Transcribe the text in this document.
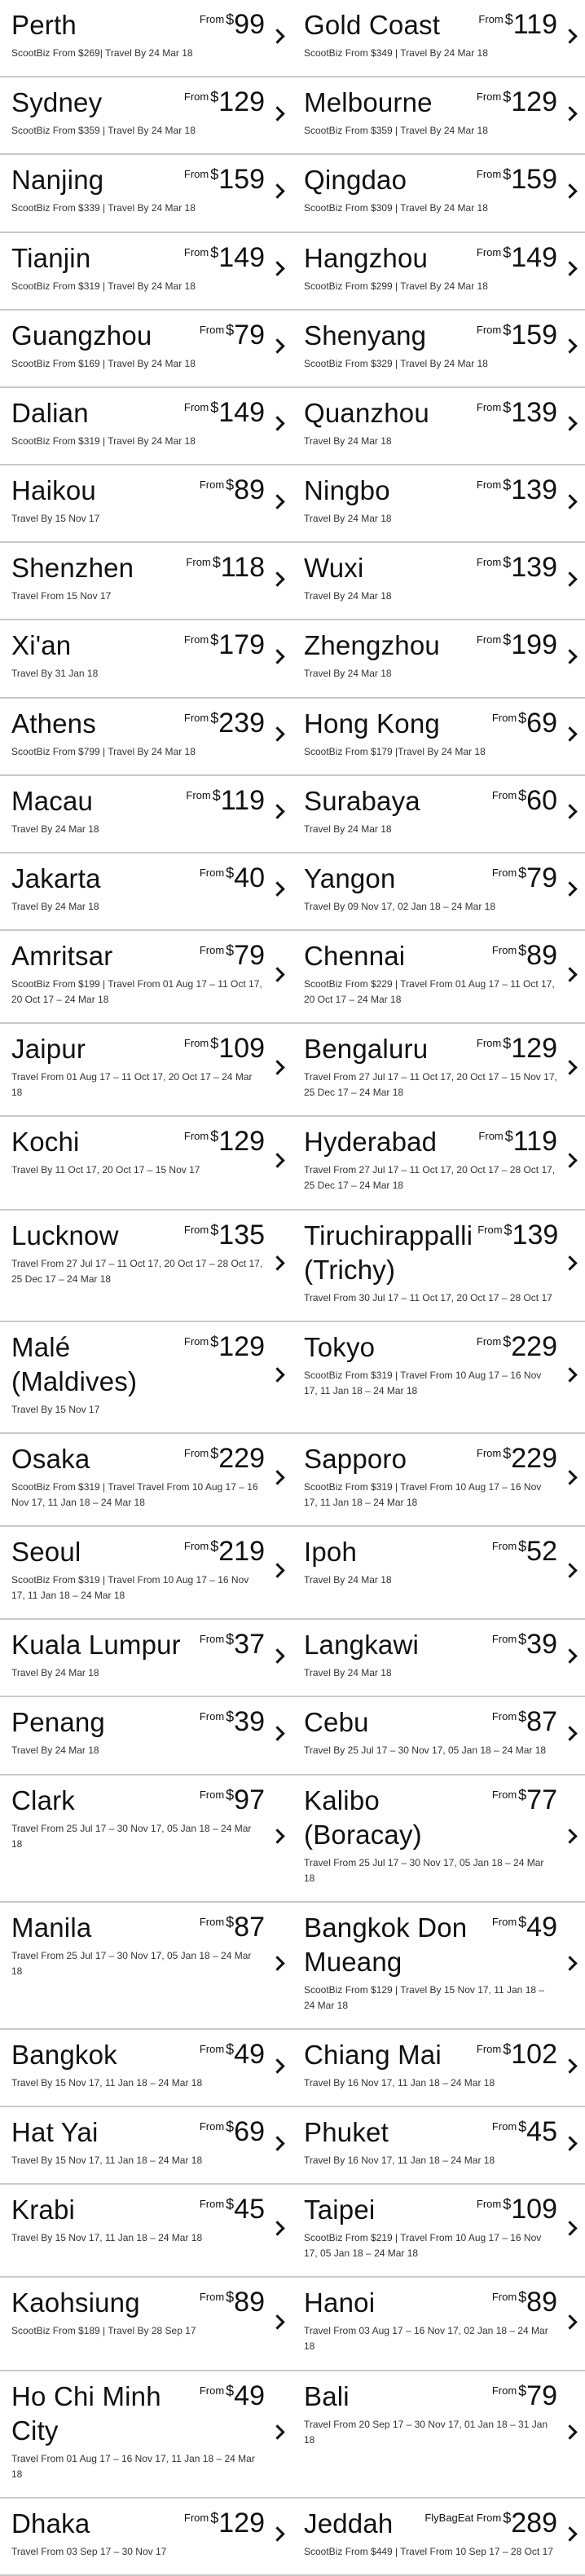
Perth	From $ 99
ScootBiz From $269| Travel By 24 Mar 18
Gold Coast	From $ 119
ScootBiz From $349 | Travel By 24 Mar 18
Sydney	From $ 129
ScootBiz From $359 | Travel By 24 Mar 18
Melbourne	From $ 129
ScootBiz From $359 | Travel By 24 Mar 18
Nanjing	From $ 159
ScootBiz From $339 | Travel By 24 Mar 18
Qingdao	From $ 159
ScootBiz From $309 | Travel By 24 Mar 18
Tianjin	From $ 149
ScootBiz From $319 | Travel By 24 Mar 18
Hangzhou	From $ 149
ScootBiz From $299 | Travel By 24 Mar 18
Guangzhou	From $ 79
ScootBiz From $169 | Travel By 24 Mar 18
Shenyang	From $ 159
ScootBiz From $329 | Travel By 24 Mar 18
Dalian	From $ 149
ScootBiz From $319 | Travel By 24 Mar 18
Quanzhou	From $ 139
Travel By 24 Mar 18
Haikou	From $ 89
Travel By 15 Nov 17
Ningbo	From $ 139
Travel By 24 Mar 18
Shenzhen	From $ 118
Travel From 15 Nov 17
Wuxi	From $ 139
Travel By 24 Mar 18
Xi'an	From $ 179
Travel By 31 Jan 18
Zhengzhou	From $ 199
Travel By 24 Mar 18
Athens	From $ 239
ScootBiz From $799 | Travel By 24 Mar 18
Hong Kong	From $ 69
ScootBiz From $179 |Travel By 24 Mar 18
Macau	From $ 119
Travel By 24 Mar 18
Surabaya	From $ 60
Travel By 24 Mar 18
Jakarta	From $ 40
Travel By 24 Mar 18
Yangon	From $ 79
Travel By 09 Nov 17, 02 Jan 18 – 24 Mar 18
Amritsar	From $ 79
ScootBiz From $199 | Travel From 01 Aug 17 – 11 Oct 17, 20 Oct 17 – 24 Mar 18
Chennai	From $ 89
ScootBiz From $229 | Travel From 01 Aug 17 – 11 Oct 17, 20 Oct 17 – 24 Mar 18
Jaipur	From $ 109
Travel From 01 Aug 17 – 11 Oct 17, 20 Oct 17 – 24 Mar 18
Bengaluru	From $ 129
Travel From 27 Jul 17 – 11 Oct 17, 20 Oct 17 – 15 Nov 17, 25 Dec 17 – 24 Mar 18
Kochi	From $ 129
Travel By 11 Oct 17, 20 Oct 17 – 15 Nov 17
Hyderabad	From $ 119
Travel From 27 Jul 17 – 11 Oct 17, 20 Oct 17 – 28 Oct 17, 25 Dec 17 – 24 Mar 18
Lucknow	From $ 135
Travel From 27 Jul 17 – 11 Oct 17, 20 Oct 17 – 28 Oct 17, 25 Dec 17 – 24 Mar 18
Tiruchirappalli (Trichy)
From $ 139
Travel From 30 Jul 17 – 11 Oct 17, 20 Oct 17 – 28 Oct 17
Malé (Maldives)
From $ 129
Travel By 15 Nov 17
Tokyo	From $ 229
ScootBiz From $319 | Travel From 10 Aug 17 – 16 Nov 17, 11 Jan 18 – 24 Mar 18
Osaka	From $ 229
ScootBiz From $319 | Travel Travel From 10 Aug 17 – 16 Nov 17, 11 Jan 18 – 24 Mar 18
Sapporo	From $ 229
ScootBiz From $319 | Travel From 10 Aug 17 – 16 Nov 17, 11 Jan 18 – 24 Mar 18
Seoul	From $ 219
ScootBiz From $319 | Travel From 10 Aug 17 – 16 Nov 17, 11 Jan 18 – 24 Mar 18
Ipoh	From $ 52
Travel By 24 Mar 18
Kuala Lumpur	From $ 37
Travel By 24 Mar 18
Langkawi	From $ 39
Travel By 24 Mar 18
Penang	From $ 39
Travel By 24 Mar 18
Cebu	From $ 87
Travel By 25 Jul 17 – 30 Nov 17, 05 Jan 18 – 24 Mar 18
Clark	From $ 97
Travel From 25 Jul 17 – 30 Nov 17, 05 Jan 18 – 24 Mar 18
Kalibo (Boracay)
From $ 77
Travel From 25 Jul 17 – 30 Nov 17, 05 Jan 18 – 24 Mar 18
Manila	From $ 87
Travel From 25 Jul 17 – 30 Nov 17, 05 Jan 18 – 24 Mar 18
Bangkok Don Mueang
From $ 49
ScootBiz From $129 | Travel By 15 Nov 17, 11 Jan 18 – 24 Mar 18
Bangkok	From $ 49
Travel By 15 Nov 17, 11 Jan 18 – 24 Mar 18
Chiang Mai	From $ 102
Travel By 16 Nov 17, 11 Jan 18 – 24 Mar 18
Hat Yai	From $ 69
Travel By 15 Nov 17, 11 Jan 18 – 24 Mar 18
Phuket	From $ 45
Travel By 16 Nov 17, 11 Jan 18 – 24 Mar 18
Krabi	From $ 45
Travel By 15 Nov 17, 11 Jan 18 – 24 Mar 18
Taipei	From $ 109
ScootBiz From $219 | Travel From 10 Aug 17 – 16 Nov 17, 05 Jan 18 – 24 Mar 18
Kaohsiung	From $ 89
ScootBiz From $189 | Travel By 28 Sep 17
Hanoi	From $ 89
Travel From 03 Aug 17 – 16 Nov 17, 02 Jan 18 – 24 Mar 18
Ho Chi Minh City
From $ 49
Travel From 01 Aug 17 – 16 Nov 17, 11 Jan 18 – 24 Mar 18
Bali	From $ 79
Travel From 20 Sep 17 – 30 Nov 17, 01 Jan 18 – 31 Jan 18
Dhaka	From $ 129
Travel From 03 Sep 17 – 30 Nov 17
Jeddah	FlyBagEat From $ 289
ScootBiz From $449 | Travel From 10 Sep 17 – 28 Oct 17
